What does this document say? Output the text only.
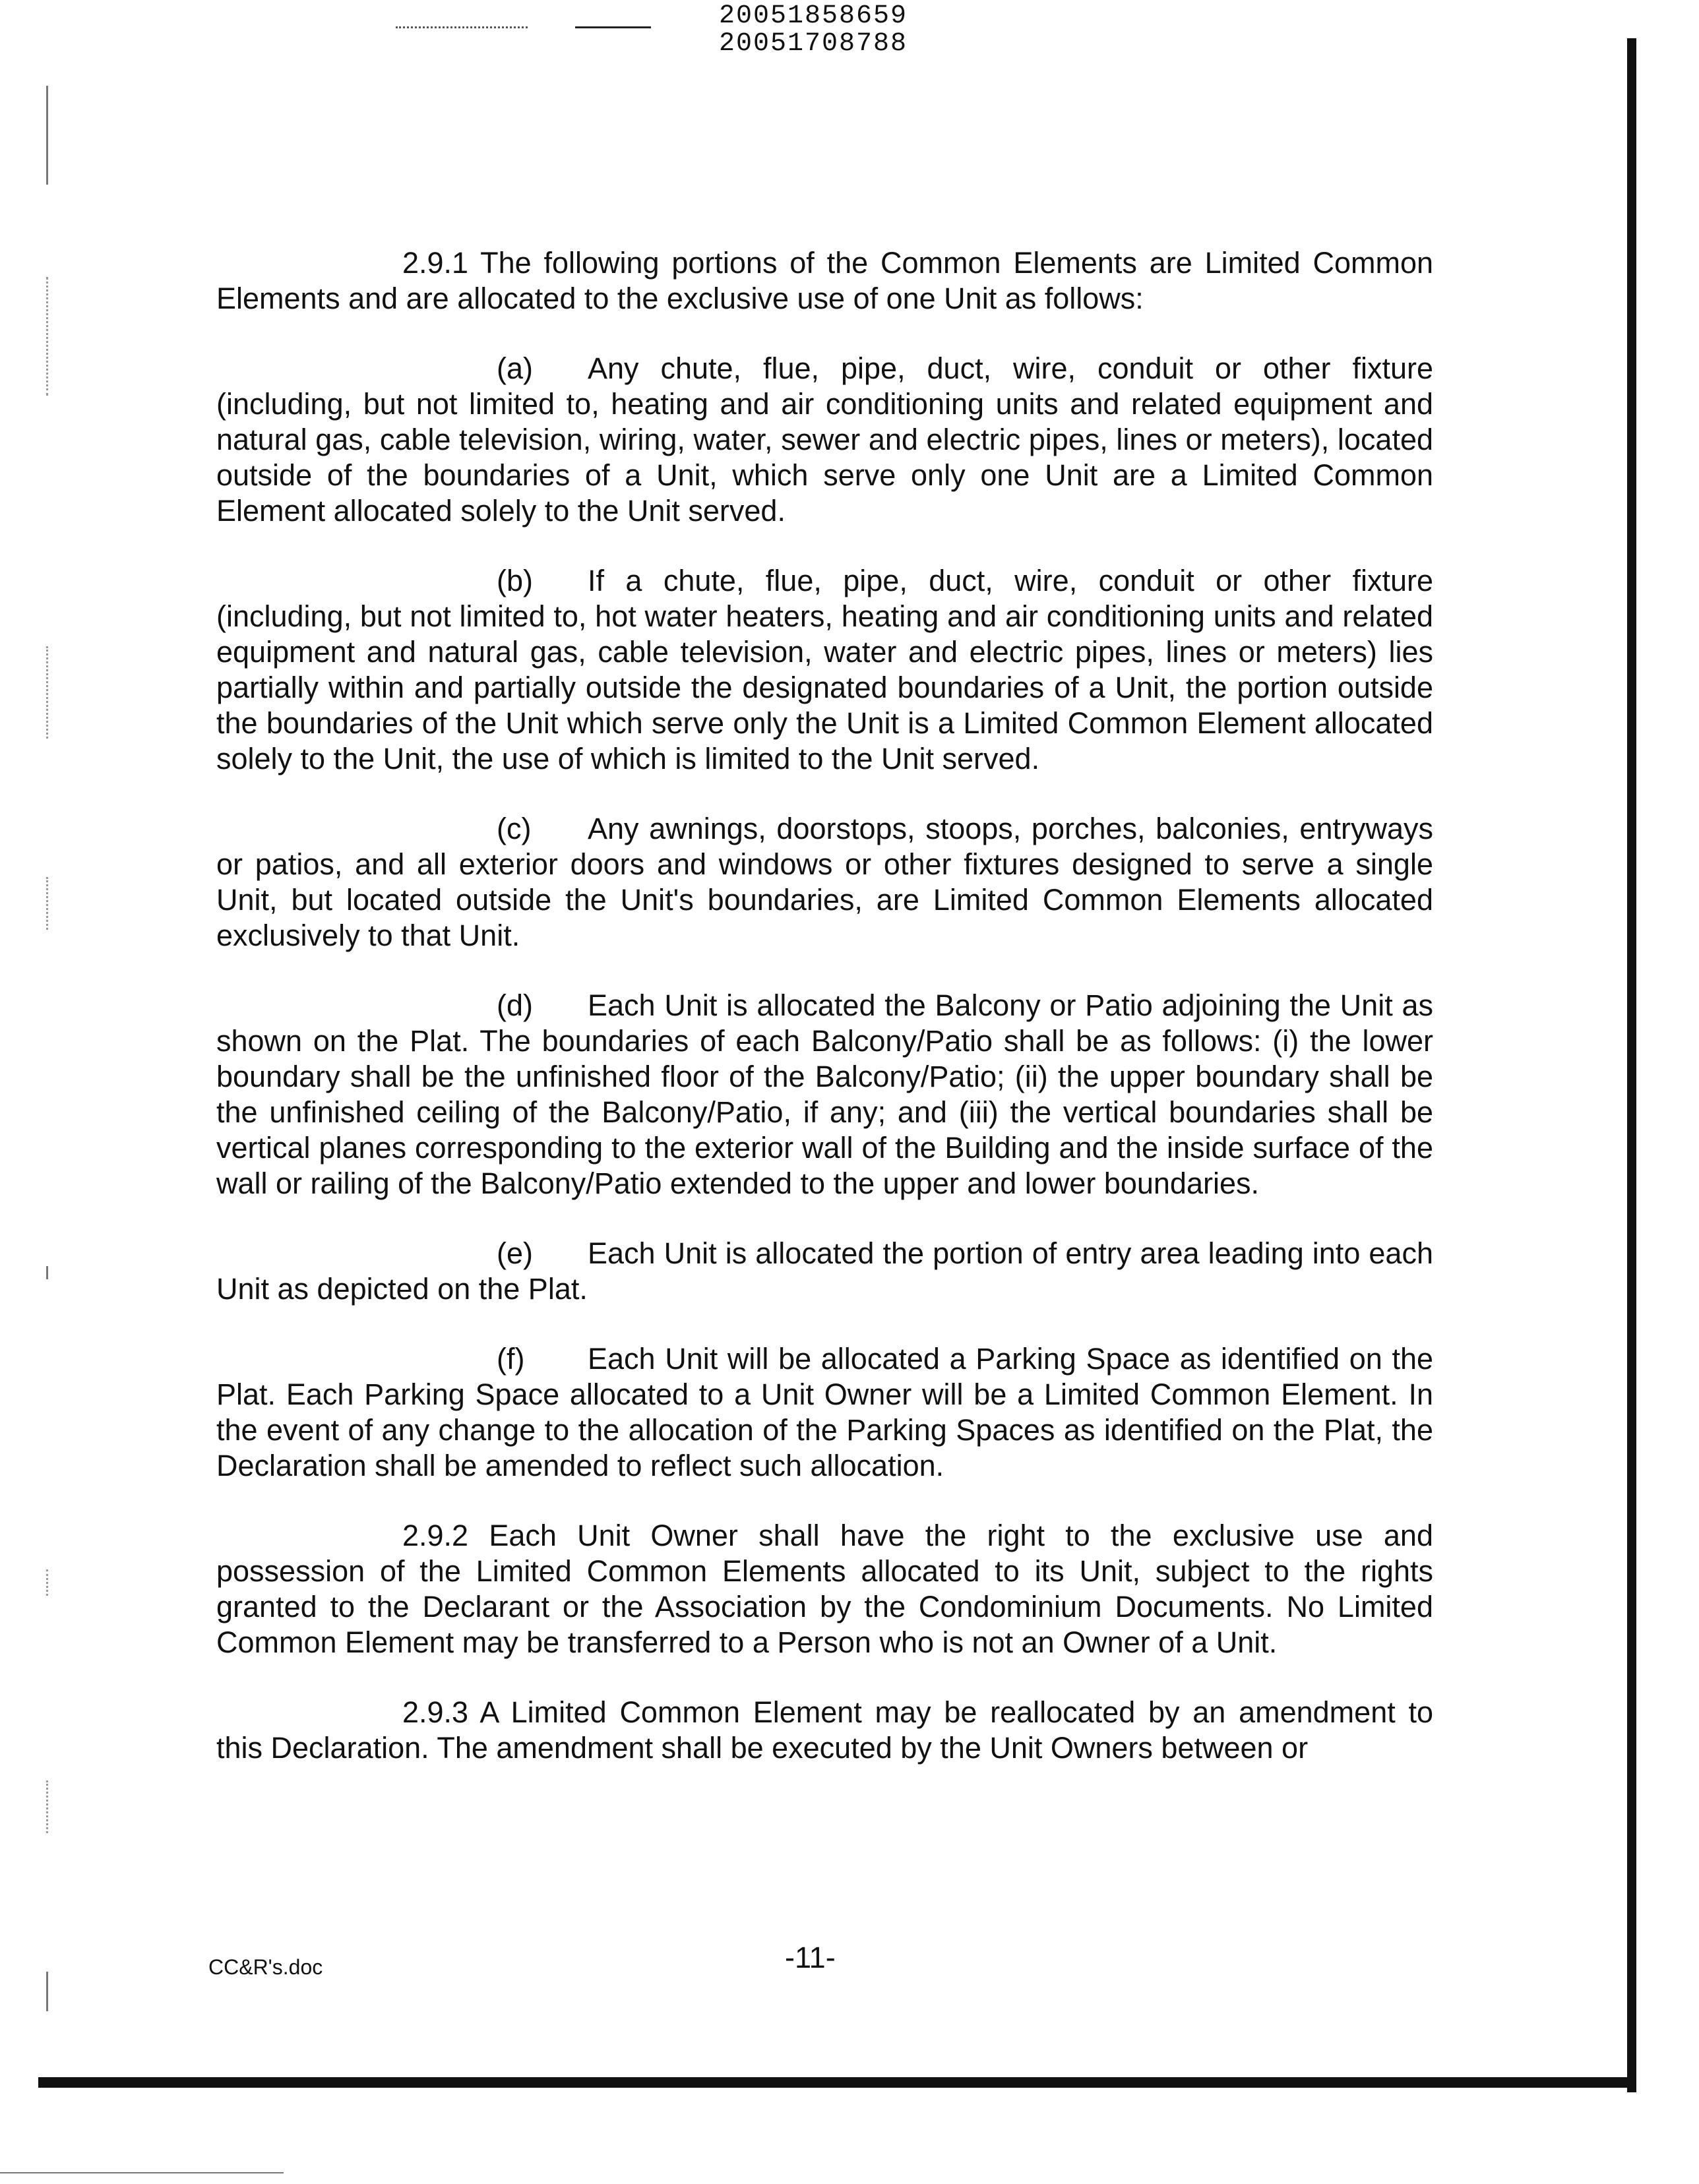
20051858659
20051708788

2.9.1 The following portions of the Common Elements are Limited Common Elements and are allocated to the exclusive use of one Unit as follows:

(a) Any chute, flue, pipe, duct, wire, conduit or other fixture (including, but not limited to, heating and air conditioning units and related equipment and natural gas, cable television, wiring, water, sewer and electric pipes, lines or meters), located outside of the boundaries of a Unit, which serve only one Unit are a Limited Common Element allocated solely to the Unit served.

(b) If a chute, flue, pipe, duct, wire, conduit or other fixture (including, but not limited to, hot water heaters, heating and air conditioning units and related equipment and natural gas, cable television, water and electric pipes, lines or meters) lies partially within and partially outside the designated boundaries of a Unit, the portion outside the boundaries of the Unit which serve only the Unit is a Limited Common Element allocated solely to the Unit, the use of which is limited to the Unit served.

(c) Any awnings, doorstops, stoops, porches, balconies, entryways or patios, and all exterior doors and windows or other fixtures designed to serve a single Unit, but located outside the Unit's boundaries, are Limited Common Elements allocated exclusively to that Unit.

(d) Each Unit is allocated the Balcony or Patio adjoining the Unit as shown on the Plat. The boundaries of each Balcony/Patio shall be as follows: (i) the lower boundary shall be the unfinished floor of the Balcony/Patio; (ii) the upper boundary shall be the unfinished ceiling of the Balcony/Patio, if any; and (iii) the vertical boundaries shall be vertical planes corresponding to the exterior wall of the Building and the inside surface of the wall or railing of the Balcony/Patio extended to the upper and lower boundaries.

(e) Each Unit is allocated the portion of entry area leading into each Unit as depicted on the Plat.

(f) Each Unit will be allocated a Parking Space as identified on the Plat. Each Parking Space allocated to a Unit Owner will be a Limited Common Element. In the event of any change to the allocation of the Parking Spaces as identified on the Plat, the Declaration shall be amended to reflect such allocation.

2.9.2 Each Unit Owner shall have the right to the exclusive use and possession of the Limited Common Elements allocated to its Unit, subject to the rights granted to the Declarant or the Association by the Condominium Documents. No Limited Common Element may be transferred to a Person who is not an Owner of a Unit.

2.9.3 A Limited Common Element may be reallocated by an amendment to this Declaration. The amendment shall be executed by the Unit Owners between or

CC&R's.doc	-11-
